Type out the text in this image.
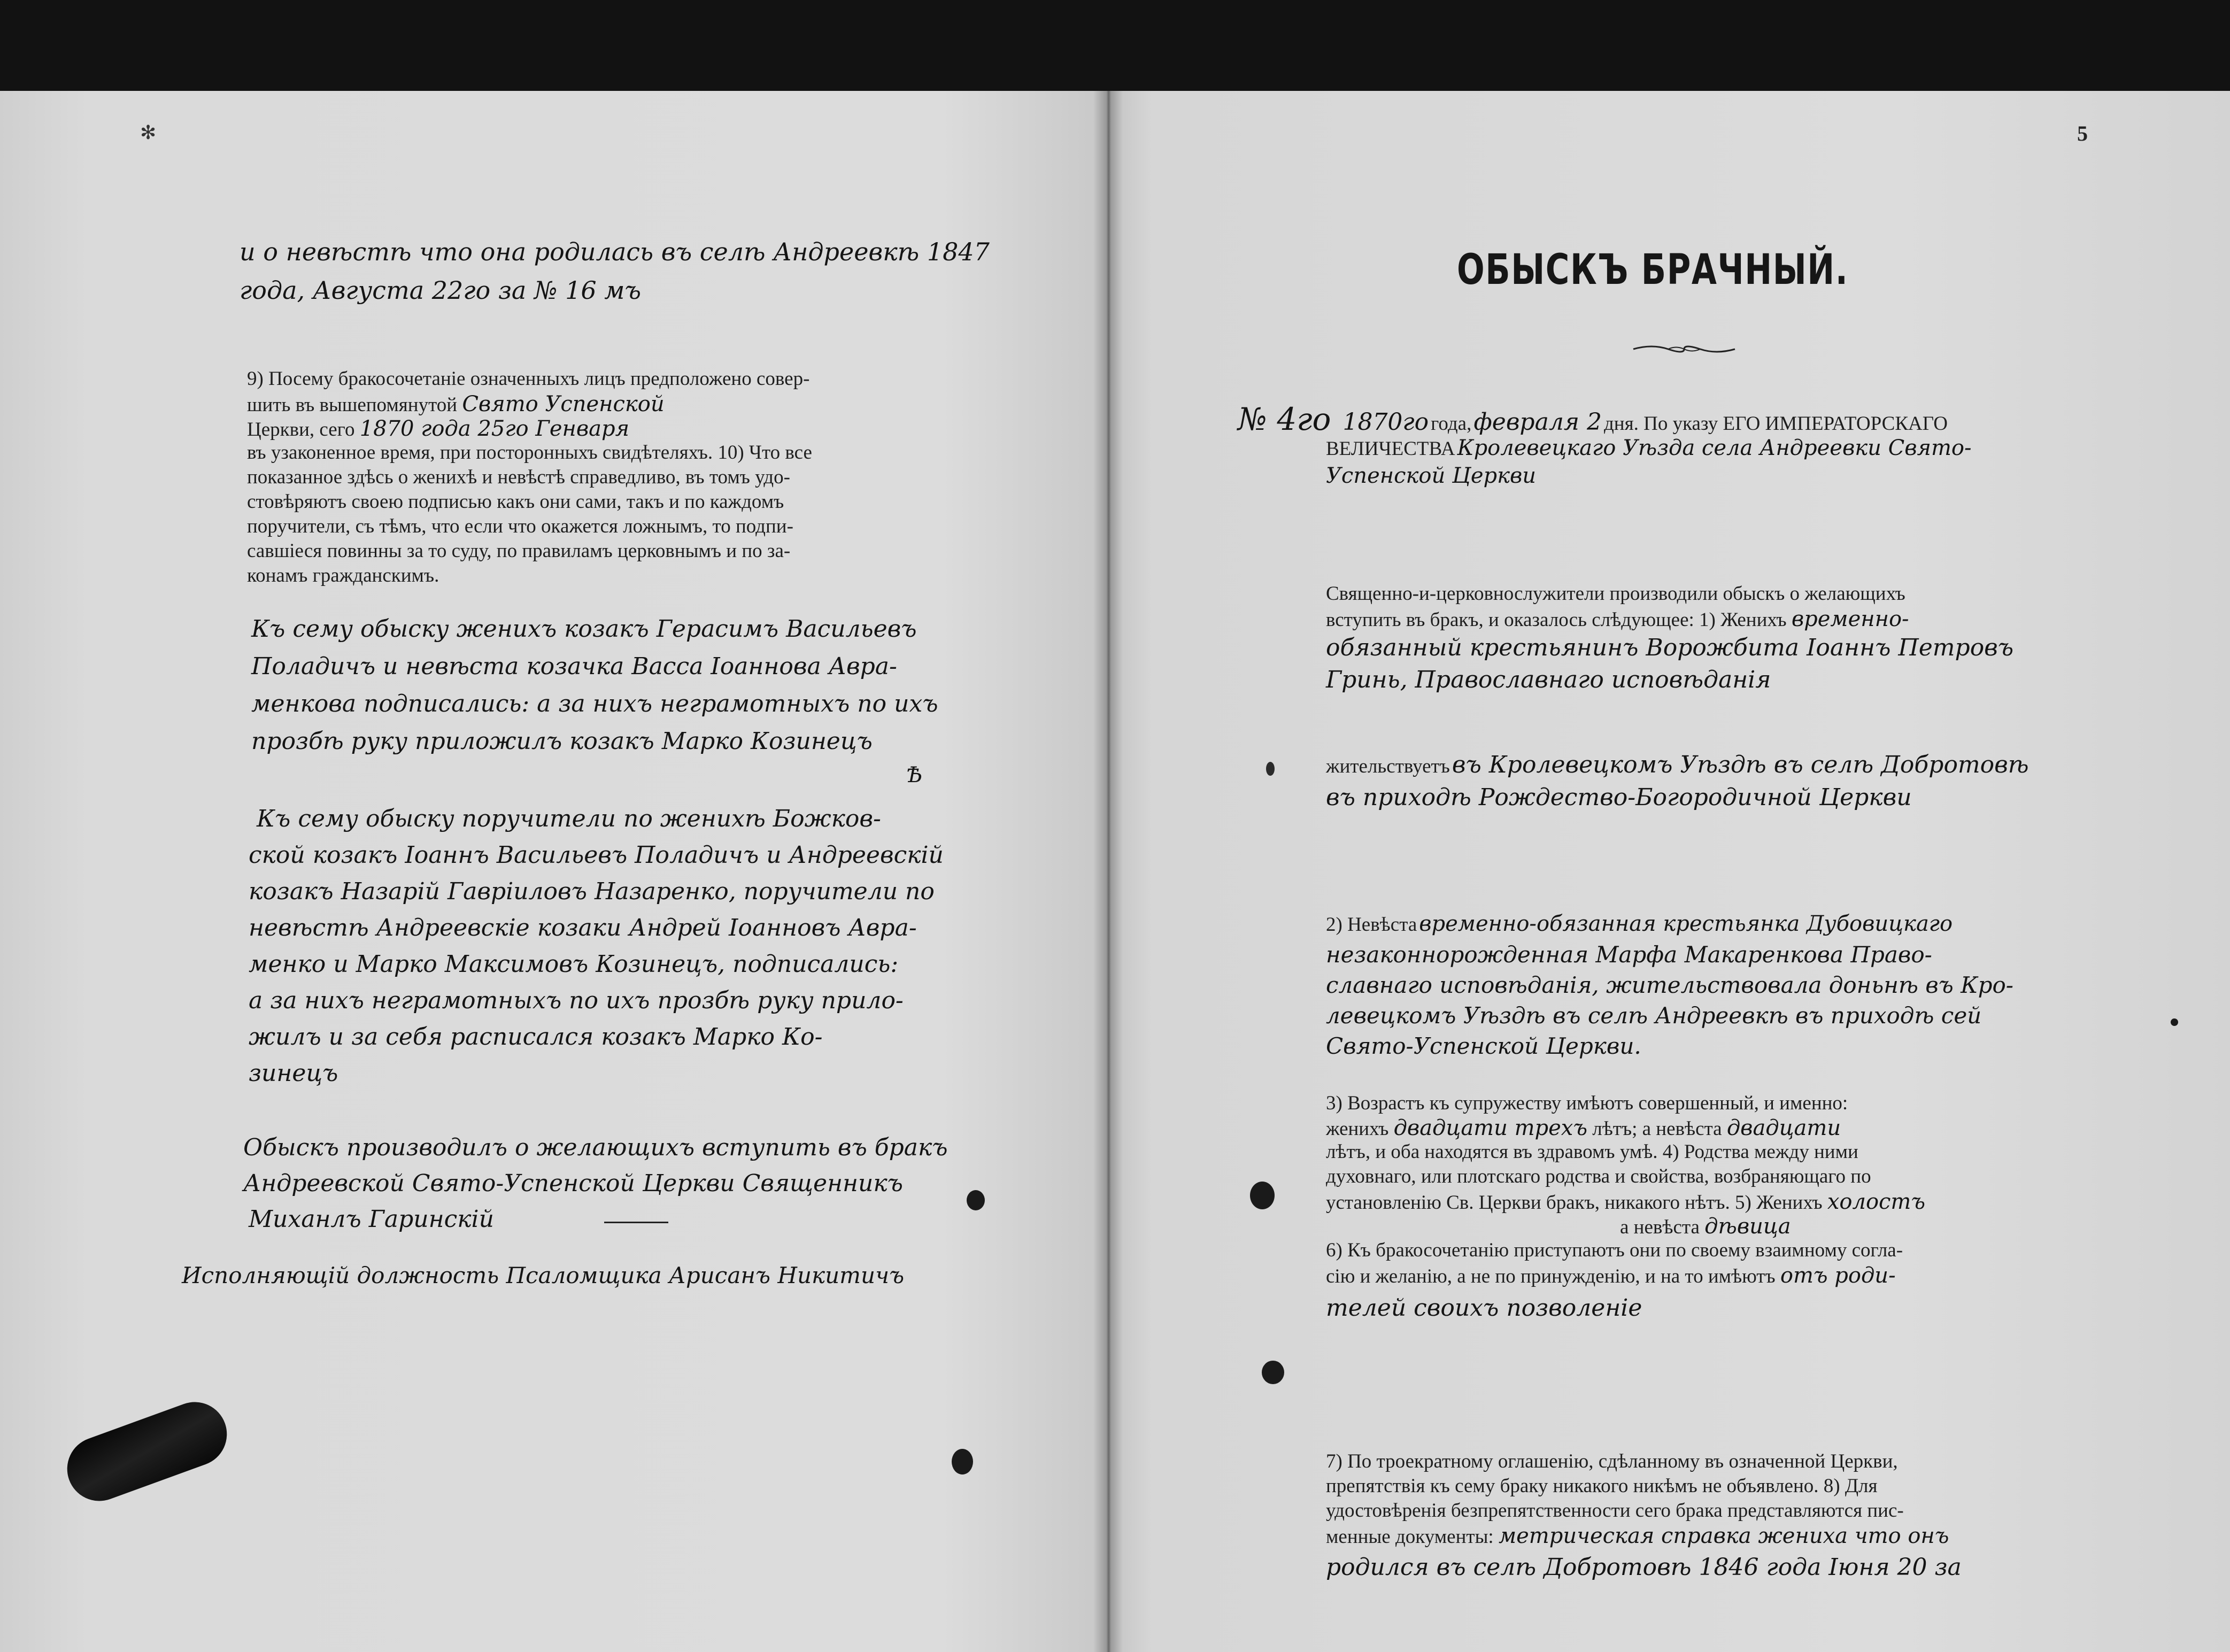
✻
и о невѣстѣ что она родилась въ селѣ Андреевкѣ 1847
года, Августа 22го за № 16 мъ
9) Посему бракосочетаніе означенныхъ лицъ предположено совер-
шить въ вышепомянутой Свято Успенской
Церкви, сего 1870 года 25го Генваря
въ узаконенное время, при посторонныхъ свидѣтеляхъ. 10) Что все
показанное здѣсь о женихѣ и невѣстѣ справедливо, въ томъ удо-
стовѣряютъ своею подписью какъ они сами, такъ и по каждомъ
поручители, съ тѣмъ, что если что окажется ложнымъ, то подпи-
савшіеся повинны за то суду, по правиламъ церковнымъ и по за-
конамъ гражданскимъ.
Къ сему обыску женихъ козакъ Герасимъ Васильевъ
Поладичъ и невѣста козачка Васса Іоаннова Авра-
менкова подписались: а за нихъ неграмотныхъ по ихъ
прозбѣ руку приложилъ козакъ Марко Козинецъ
Ѣ
Къ сему обыску поручители по женихѣ Божков-
ской козакъ Іоаннъ Васильевъ Поладичъ и Андреевскій
козакъ Назарій Гавріиловъ Назаренко, поручители по
невѣстѣ Андреевскіе козаки Андрей Іоанновъ Авра-
менко и Марко Максимовъ Козинецъ, подписались:
а за нихъ неграмотныхъ по ихъ прозбѣ руку прило-
жилъ и за себя расписался козакъ Марко Ко-
зинецъ
Обыскъ производилъ о желающихъ вступить въ бракъ
Андреевской Свято-Успенской Церкви Священникъ
Миханлъ Гаринскій
Исполняющій должность Псаломщика Арисанъ Никитичъ
5
ОБЫСКЪ БРАЧНЫЙ.
№ 4го 1870го года, февраля 2 дня. По указу ЕГО ИМПЕРАТОРСКАГО
ВЕЛИЧЕСТВА Кролевецкаго Уѣзда села Андреевки Свято-
Успенской Церкви
Священно-и-церковнослужители производили обыскъ о желающихъ
вступить въ бракъ, и оказалось слѣдующее: 1) Женихъ временно-
обязанный крестьянинъ Ворожбита Іоаннъ Петровъ
Гринь, Православнаго исповѣданія
жительствуетъ въ Кролевецкомъ Уѣздѣ въ селѣ Добротовѣ
въ приходѣ Рождество-Богородичной Церкви
2) Невѣста временно-обязанная крестьянка Дубовицкаго
незаконнорожденная Марфа Макаренкова Право-
славнаго исповѣданія, жительствовала доньнѣ въ Кро-
левецкомъ Уѣздѣ въ селѣ Андреевкѣ въ приходѣ сей
Свято-Успенской Церкви.
3) Возрастъ къ супружеству имѣютъ совершенный, и именно:
женихъ двадцати трехъ лѣтъ; а невѣста двадцати
лѣтъ, и оба находятся въ здравомъ умѣ. 4) Родства между ними
духовнаго, или плотскаго родства и свойства, возбраняющаго по
установленію Св. Церкви бракъ, никакого нѣтъ. 5) Женихъ холостъ
а невѣста дѣвица
6) Къ бракосочетанію приступаютъ они по своему взаимному согла-
сію и желанію, а не по принужденію, и на то имѣютъ отъ роди-
телей своихъ позволеніе
7) По троекратному оглашенію, сдѣланному въ означенной Церкви,
препятствія къ сему браку никакого никѣмъ не объявлено. 8) Для
удостовѣренія безпрепятственности сего брака представляются пис-
менные документы: метрическая справка жениха что онъ
родился въ селѣ Добротовѣ 1846 года Іюня 20 за
